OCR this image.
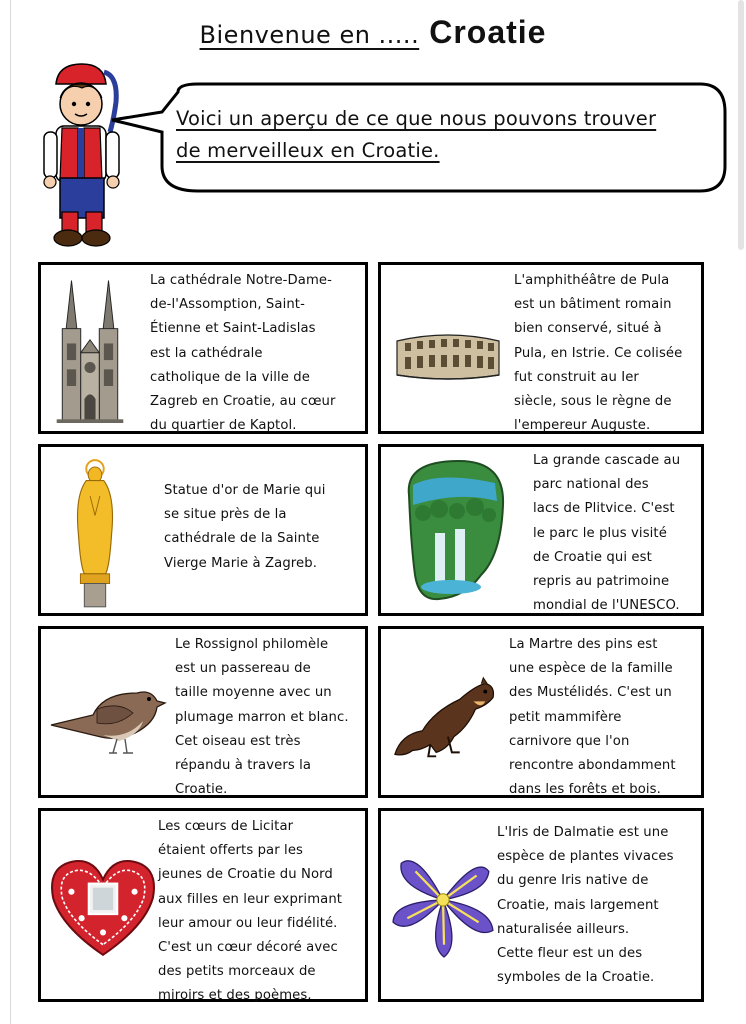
Bienvenue en ..... Croatie
Voici un aperçu de ce que nous pouvons trouver
de merveilleux en Croatie.
La cathédrale Notre-Dame-
de-l'Assomption, Saint-
Étienne et Saint-Ladislas
est la cathédrale
catholique de la ville de
Zagreb en Croatie, au cœur
du quartier de Kaptol.
L'amphithéâtre de Pula
est un bâtiment romain
bien conservé, situé à
Pula, en Istrie. Ce colisée
fut construit au Ier
siècle, sous le règne de
l'empereur Auguste.
Statue d'or de Marie qui
se situe près de la
cathédrale de la Sainte
Vierge Marie à Zagreb.
La grande cascade au
parc national des
lacs de Plitvice. C'est
le parc le plus visité
de Croatie qui est
repris au patrimoine
mondial de l'UNESCO.
Le Rossignol philomèle
est un passereau de
taille moyenne avec un
plumage marron et blanc.
Cet oiseau est très
répandu à travers la
Croatie.
La Martre des pins est
une espèce de la famille
des Mustélidés. C'est un
petit mammifère
carnivore que l'on
rencontre abondamment
dans les forêts et bois.
Les cœurs de Licitar
étaient offerts par les
jeunes de Croatie du Nord
aux filles en leur exprimant
leur amour ou leur fidélité.
C'est un cœur décoré avec
des petits morceaux de
miroirs et des poèmes.
L'Iris de Dalmatie est une
espèce de plantes vivaces
du genre Iris native de
Croatie, mais largement
naturalisée ailleurs.
Cette fleur est un des
symboles de la Croatie.
